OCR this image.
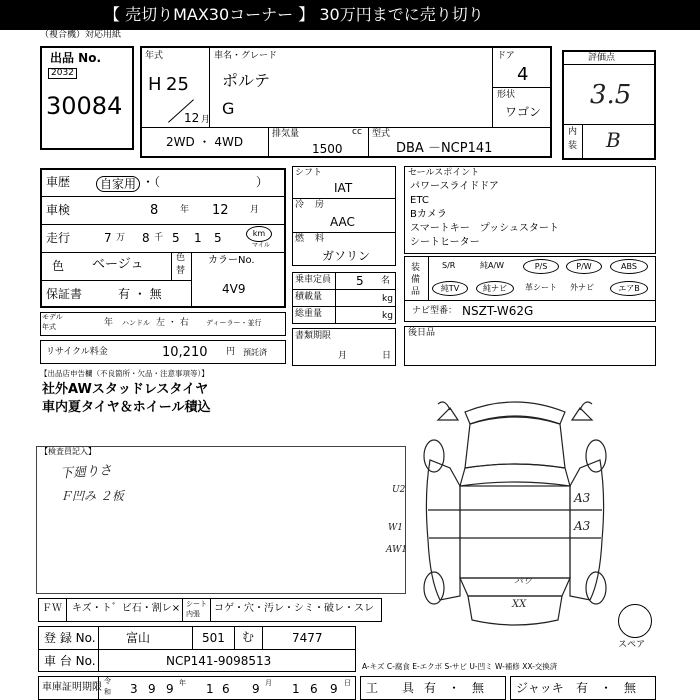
【 売切りMAX30コーナー 】 30万円までに売り切り
（複合機）対応用紙
出品 No.
2032
30084
年式
H 25
12 月
車名・グレード
ポルテ
G
ドア
4
形状
ワゴン
2WD ・ 4WD
排気量	cc
1500
型式
DBA －NCP141
評価点
3.5
内
装 B
車歴	自家用 ・（　　　　　　　　）
車検	8 年 12 月
走行	7 万 8 千 5 1 5	km
マイル
色 ベージュ	色
替
カラーNo.
4V9
保証書	有 ・ 無
モデル
年式	年 ハンドル 左 ・ 右 ディーラー・並行
リサイクル料金	10,210 円 預託済
【出品店申告欄（不良箇所・欠品・注意事項等）】
社外AWスタッドレスタイヤ
車内夏タイヤ＆ホイール積込
【検査員記入】
下廻りさ
Ｆ凹み ２板
シフト
IAT
冷 房
AAC
燃 料
ガソリン
乗車定員 5 名
積載量	kg
総重量	kg
書類期限
月	日
セールスポイント
パワースライドドア
ETC
Bカメラ
スマートキー　プッシュスタート
シートヒーター
装
備
品
S/R	純A/W	P/S	P/W	ABS
純TV	純ナビ	革シート 外ナビ	エアB
ナビ型番： NSZT-W62G
後日品
A3
A3
U2
W1
AW1
パワ
XX
スペア
ＦＷ キズ・ト゛ビ石・割レ× シート
内張 コゲ・穴・汚レ・シミ・破レ・スレ
登 録 No.	富山	501 む	7477
車 台 No.	NCP141-9098513	A-キズ C-腐食 E-エクボ S-サビ U-凹ミ W-補修 XX-交換済
車庫証明期限
令
和 3 9 9 年 1 6 9 月 1 6 9 日 工　　具 有　・　無	ジャッキ 有　・　無
